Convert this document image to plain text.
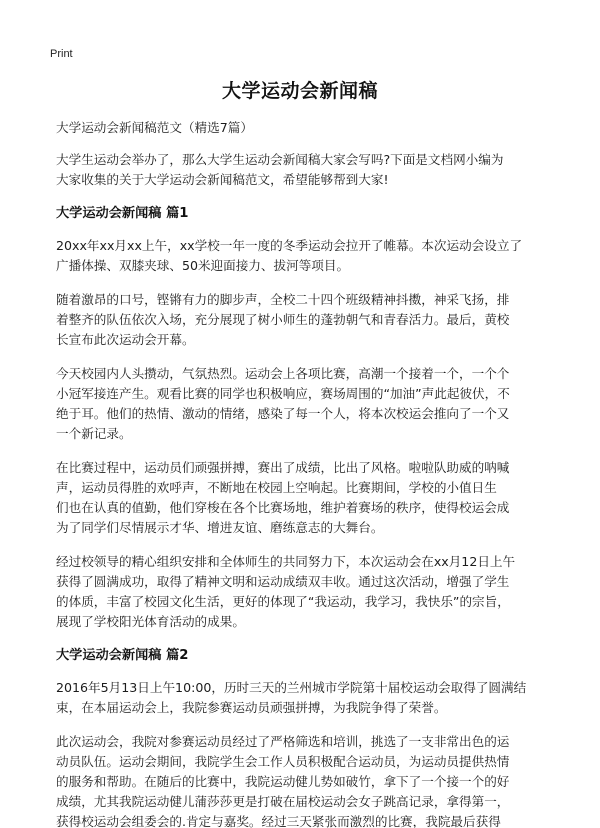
Print
大学运动会新闻稿
大学运动会新闻稿范文（精选7篇）
大学生运动会举办了，那么大学生运动会新闻稿大家会写吗?下面是文档网小编为
大家收集的关于大学运动会新闻稿范文，希望能够帮到大家!
大学运动会新闻稿 篇1
20xx年xx月xx上午，xx学校一年一度的冬季运动会拉开了帷幕。本次运动会设立了
广播体操、双膝夹球、50米迎面接力、拔河等项目。
随着激昂的口号，铿锵有力的脚步声，全校二十四个班级精神抖擞，神采飞扬，排
着整齐的队伍依次入场，充分展现了树小师生的蓬勃朝气和青春活力。最后，黄校
长宣布此次运动会开幕。
今天校园内人头攒动，气氛热烈。运动会上各项比赛，高潮一个接着一个，一个个
小冠军接连产生。观看比赛的同学也积极响应，赛场周围的“加油”声此起彼伏，不
绝于耳。他们的热情、激动的情绪，感染了每一个人，将本次校运会推向了一个又
一个新记录。
在比赛过程中，运动员们顽强拼搏，赛出了成绩，比出了风格。啦啦队助威的呐喊
声，运动员得胜的欢呼声，不断地在校园上空响起。比赛期间，学校的小值日生
们也在认真的值勤，他们穿梭在各个比赛场地，维护着赛场的秩序，使得校运会成
为了同学们尽情展示才华、增进友谊、磨练意志的大舞台。
经过校领导的精心组织安排和全体师生的共同努力下，本次运动会在xx月12日上午
获得了圆满成功，取得了精神文明和运动成绩双丰收。通过这次活动，增强了学生
的体质，丰富了校园文化生活，更好的体现了“我运动，我学习，我快乐”的宗旨，
展现了学校阳光体育活动的成果。
大学运动会新闻稿 篇2
2016年5月13日上午10:00，历时三天的兰州城市学院第十届校运动会取得了圆满结
束，在本届运动会上，我院参赛运动员顽强拼搏，为我院争得了荣誉。
此次运动会，我院对参赛运动员经过了严格筛选和培训，挑选了一支非常出色的运
动员队伍。运动会期间，我院学生会工作人员积极配合运动员，为运动员提供热情
的服务和帮助。在随后的比赛中，我院运动健儿势如破竹，拿下了一个接一个的好
成绩，尤其我院运动健儿蒲莎莎更是打破在届校运动会女子跳高记录，拿得第一，
获得校运动会组委会的.肯定与嘉奖。经过三天紧张而激烈的比赛，我院最后获得
